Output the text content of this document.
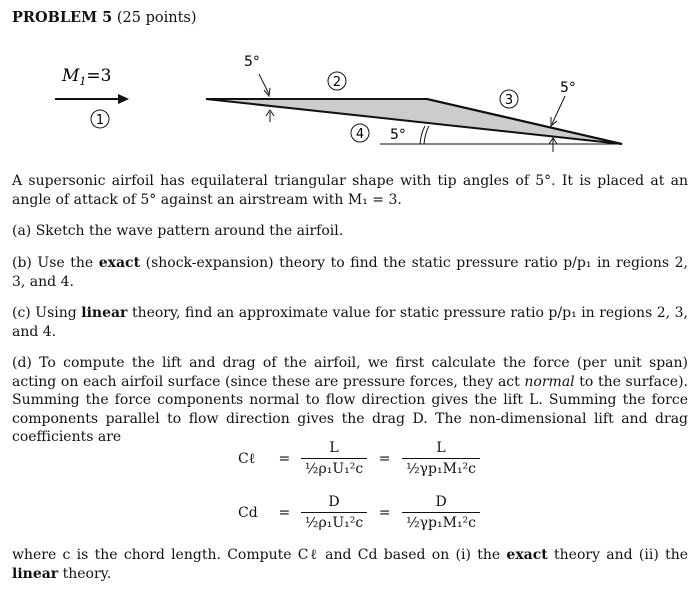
PROBLEM 5 (25 points)
$M_1=3$
1
2
3
4
5°
5°
5°
A supersonic airfoil has equilateral triangular shape with tip angles of 5°. It is placed at an angle of attack of 5° against an airstream with M₁ = 3.
(a) Sketch the wave pattern around the airfoil.
(b) Use the exact (shock-expansion) theory to find the static pressure ratio p/p₁ in regions 2, 3, and 4.
(c) Using linear theory, find an approximate value for static pressure ratio p/p₁ in regions 2, 3, and 4.
(d) To compute the lift and drag of the airfoil, we first calculate the force (per unit span) acting on each airfoil surface (since these are pressure forces, they act normal to the surface). Summing the force components normal to flow direction gives the lift L. Summing the force components parallel to flow direction gives the drag D. The non-dimensional lift and drag coefficients are
Cℓ = $\frac{L}{\text{½ρ₁U₁²c}} = \frac{L}{\text{½γp₁M₁²c}}$
$Cd = \frac{D}{\text{½ρ₁U₁²c}} = \frac{D}{\text{½γp₁M₁²c}}$
where c is the chord length. Compute Cℓ and Cd based on (i) the exact theory and (ii) the linear theory.
